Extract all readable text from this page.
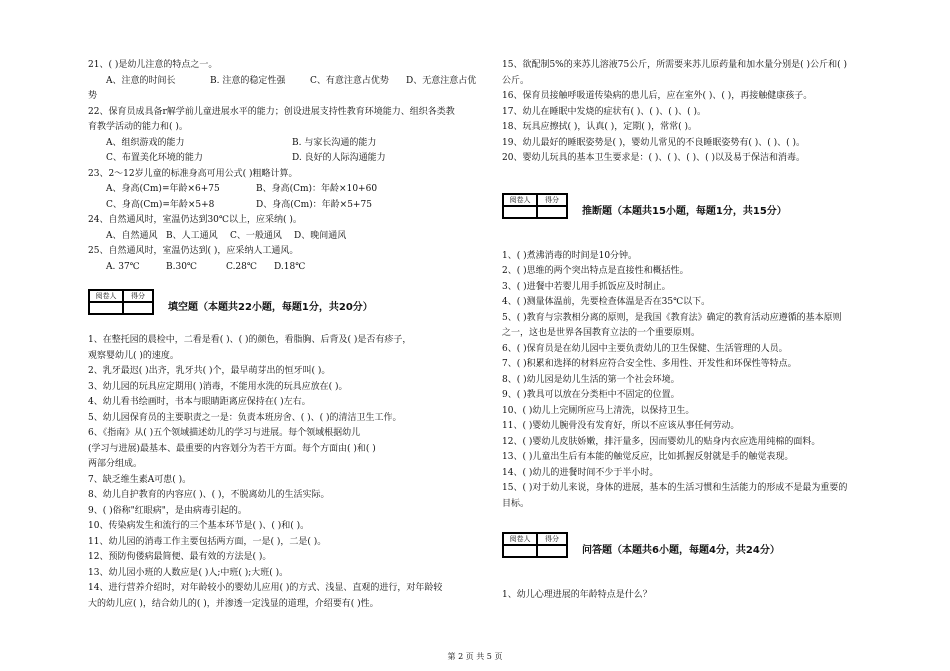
21、( )是幼儿注意的特点之一。
A、注意的时间长	B. 注意的稳定性强	C、有意注意占优势	D、无意注意占优
势
22、保育员成具备r解学前儿童进展水平的能力；创设进展支持性教育环境能力、组织各类教
育教学活动的能力和( )。
A、组织游戏的能力	B. 与家长沟通的能力
C、布置美化环境的能力	D. 良好的人际沟通能力
23、2～12岁儿童的标准身高可用公式( )粗略计算。
A、身高(Cm)=年龄×6+75	B、身高(Cm)：年龄×10+60
C、身高(Cm)=年龄×5+8	D、身高(Cm)：年龄×5+75
24、自然通风时，室温仍达到30℃以上，应采纳( )。
A、自然通风 B、人工通风	C、一般通风	D、晚间通风
25、自然通风时，室温仍达到( )，应采纳人工通风。
A. 37℃	B.30℃	C.28℃	D.18℃
阅卷人	得分
填空题（本题共22小题，每题1分，共20分）
1、在整托园的晨检中，二看是看( )、( )的颜色，看脂胸、后背及( )是否有疹子，
观察婴幼儿( )的速度。
2、乳牙最迟( )出齐，乳牙共( )个，最早萌芽出的恒牙叫( )。
3、幼儿园的玩具应定期用( )消毒，不能用水洗的玩具应放在( )。
4、幼儿看书绘画时，书本与眼睛距离应保持在( )左右。
5、幼儿园保育员的主要职责之一是：负责本班房舍、( )、( )的清洁卫生工作。
6、《指南》从( )五个领域描述幼儿的学习与进展。每个领域根据幼儿
(学习与进展)最基本、最重要的内容划分为若干方面。每个方面由( )和( )
两部分组成。
7、缺乏维生素A可患( )。
8、幼儿自护教育的内容应( )、( )，不脱离幼儿的生活实际。
9、( )俗称"红眼病"，是由病毒引起的。
10、传染病发生和流行的三个基本环节是( )、( )和( )。
11、幼儿园的消毒工作主要包括两方面，一是( )，二是( )。
12、预防佝偻病最简便、最有效的方法是( )。
13、幼儿园小班的人数应是( )人;中班( );大班( )。
14、进行营养介绍时，对年龄较小的婴幼儿应用( )的方式、浅显、直观的进行，对年龄较
大的幼儿应( )，结合幼儿的( )，并渗透一定浅显的道理，介绍要有( )性。
15、欲配制5%的来苏儿溶液75公斤，所需要来苏儿原药量和加水量分别是( )公斤和( )
公斤。
16、保育员接触呼吸道传染病的患儿后，应在室外( )、( )，再接触健康孩子。
17、幼儿在睡眠中发烧的症状有( )、( )、( )、( )。
18、玩具应擦拭( )，认真( )，定期( )，常常( )。
19、幼儿最好的睡眠姿势是( )，婴幼儿常见的不良睡眠姿势有( )、( )、( )。
20、婴幼儿玩具的基本卫生要求是：( )、( )、( )、( )以及易于保洁和消毒。
阅卷人	得分
推断题（本题共15小题，每题1分，共15分）
1、( )煮沸消毒的时间是10分钟。
2、( )思维的两个突出特点是直接性和概括性。
3、( )进餐中若婴儿用手抓饭应及时制止。
4、( )测量体温前，先要检查体温是否在35℃以下。
5、( )教育与宗教相分离的原则，是我国《教育法》确定的教育活动应遵循的基本原则
之一，这也是世界各国教育立法的一个重要原则。
6、( )保育员是在幼儿园中主要负责幼儿的卫生保健、生活管理的人员。
7、( )积累和选择的材料应符合安全性、多用性、开发性和环保性等特点。
8、( )幼儿园是幼儿生活的第一个社会环境。
9、( )教具可以放在分类柜中不固定的位置。
10、( )幼儿上完厕所应马上清洗，以保持卫生。
11、( )婴幼儿腕骨没有发育好，所以不应该从事任何劳动。
12、( )婴幼儿皮肤娇嫩，排汗量多，因而婴幼儿的贴身内衣应选用纯棉的面料。
13、( )儿童出生后有本能的触觉反应，比如抓握反射就是手的触觉表现。
14、( )幼儿的进餐时间不少于半小时。
15、( )对于幼儿来说，身体的进展，基本的生活习惯和生活能力的形成不是最为重要的
目标。
阅卷人	得分
问答题（本题共6小题，每题4分，共24分）
1、幼儿心理进展的年龄特点是什么？
第 2 页 共 5 页
